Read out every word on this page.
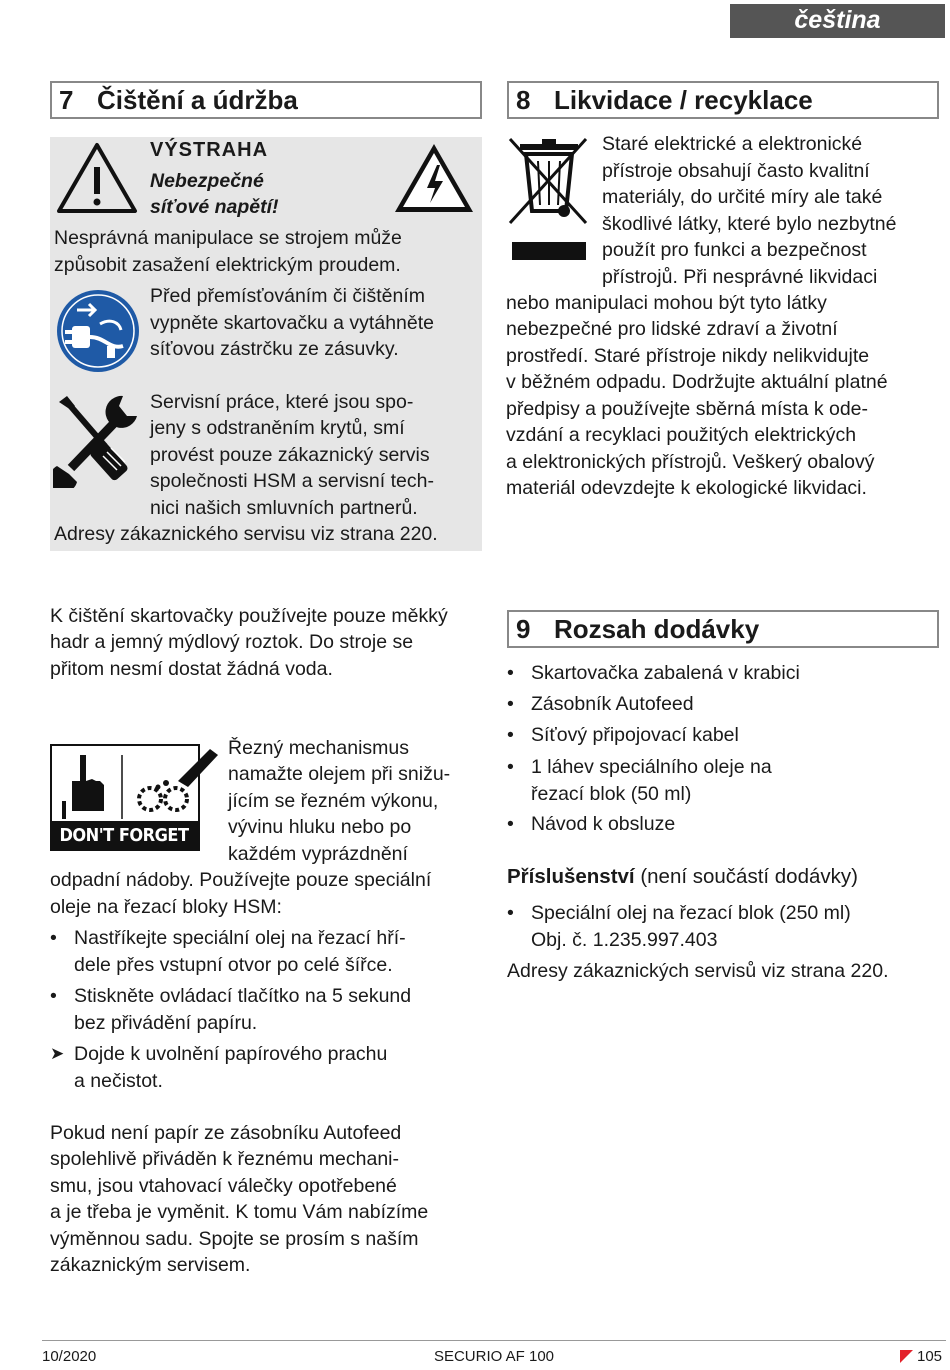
čeština
7 Čištění a údržba
VÝSTRAHA
Nebezpečné
síťové napětí!
Nesprávná manipulace se strojem může
způsobit zasažení elektrickým proudem.
Před přemísťováním či čištěním
vypněte skartovačku a vytáhněte
síťovou zástrčku ze zásuvky.
Servisní práce, které jsou spo-
jeny s odstraněním krytů, smí
provést pouze zákaznický servis
společnosti HSM a servisní tech-
nici našich smluvních partnerů.
Adresy zákaznického servisu viz strana 220.
K čištění skartovačky používejte pouze měkký
hadr a jemný mýdlový roztok. Do stroje se
přitom nesmí dostat žádná voda.
DON'T FORGET
Řezný mechanismus
namažte olejem při snižu-
jícím se řezném výkonu,
vývinu hluku nebo po
každém vyprázdnění
odpadní nádoby. Používejte pouze speciální
oleje na řezací bloky HSM:
• Nastříkejte speciální olej na řezací hří-
dele přes vstupní otvor po celé šířce.
• Stiskněte ovládací tlačítko na 5 sekund
bez přivádění papíru.
➤ Dojde k uvolnění papírového prachu
a nečistot.
Pokud není papír ze zásobníku Autofeed
spolehlivě přiváděn k řeznému mechani-
smu, jsou vtahovací válečky opotřebené
a je třeba je vyměnit. K tomu Vám nabízíme
výměnnou sadu. Spojte se prosím s naším
zákaznickým servisem.
8 Likvidace / recyklace
Staré elektrické a elektronické
přístroje obsahují často kvalitní
materiály, do určité míry ale také
škodlivé látky, které bylo nezbytné
použít pro funkci a bezpečnost
přístrojů. Při nesprávné likvidaci
nebo manipulaci mohou být tyto látky
nebezpečné pro lidské zdraví a životní
prostředí. Staré přístroje nikdy nelikvidujte
v běžném odpadu. Dodržujte aktuální platné
předpisy a používejte sběrná místa k ode-
vzdání a recyklaci použitých elektrických
a elektronických přístrojů. Veškerý obalový
materiál odevzdejte k ekologické likvidaci.
9 Rozsah dodávky
• Skartovačka zabalená v krabici
• Zásobník Autofeed
• Síťový připojovací kabel
• 1 láhev speciálního oleje na
řezací blok (50 ml)
• Návod k obsluze
Příslušenství (není součástí dodávky)
• Speciální olej na řezací blok (250 ml)
Obj. č. 1.235.997.403
Adresy zákaznických servisů viz strana 220.
10/2020	SECURIO AF 100	105
